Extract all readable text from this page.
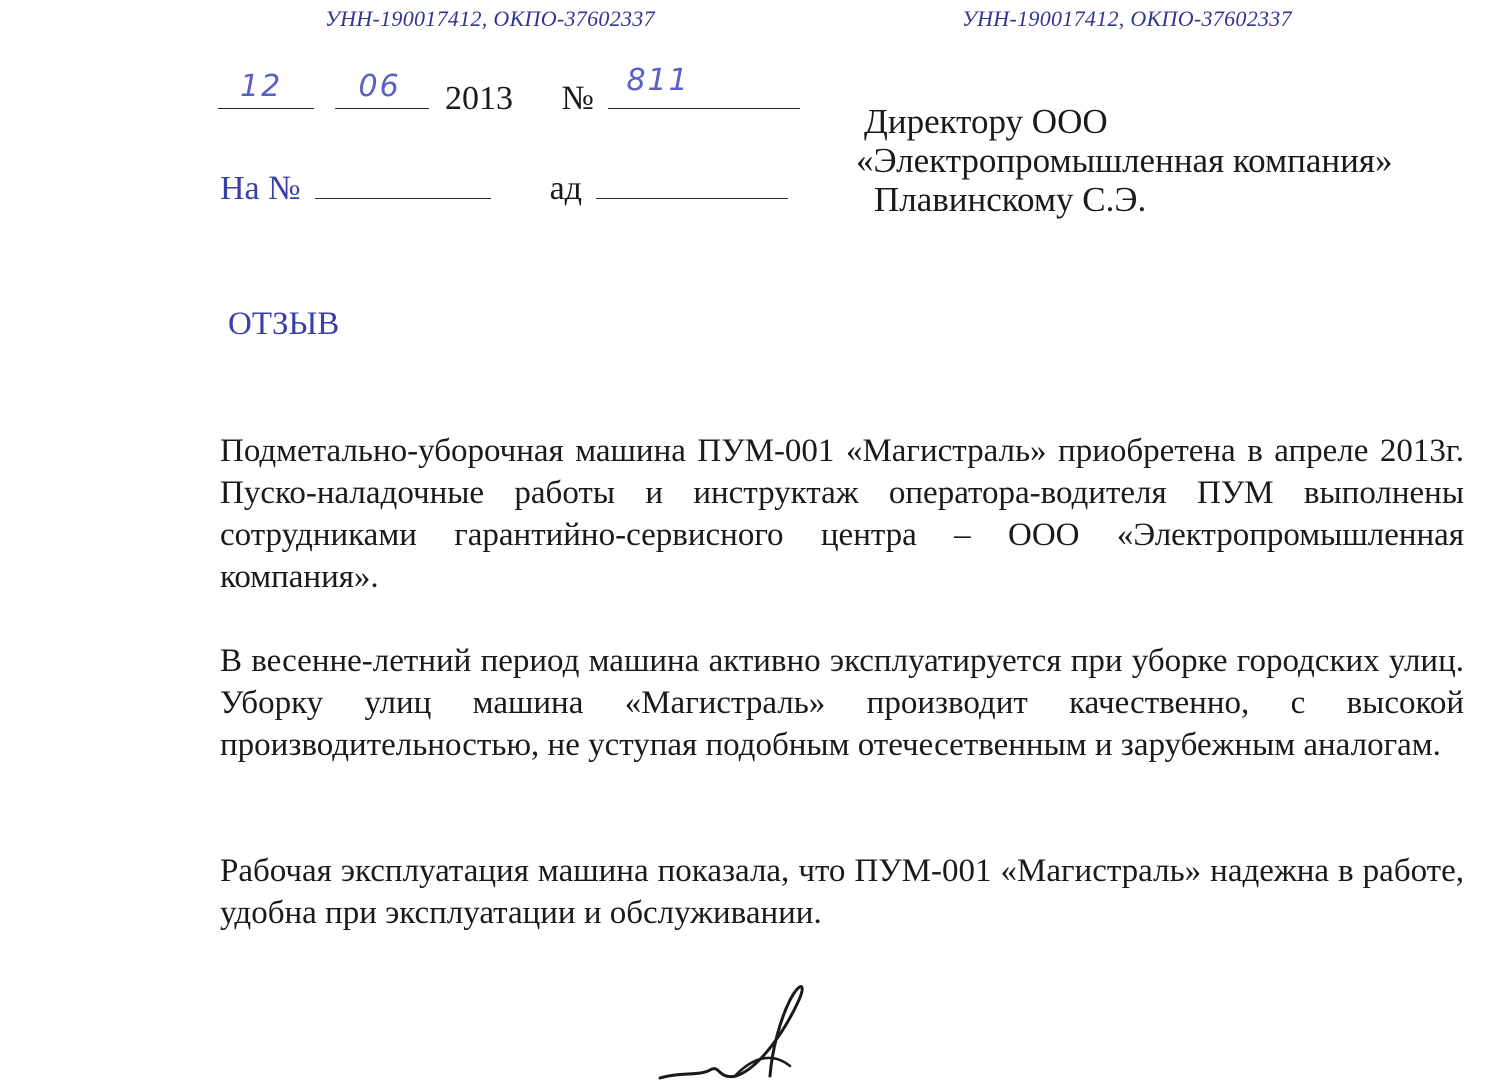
УНН-190017412, ОКПО-37602337	УНН-190017412, ОКПО-37602337
12
	06 2013 № 811
На №	ад
Директору ООО
«Электропромышленная компания»
Плавинскому С.Э.
ОТЗЫВ
Подметально-уборочная машина ПУМ-001 «Магистраль» приобретена в апреле 2013г. Пуско-наладочные работы и инструктаж оператора-водителя ПУМ выполнены сотрудниками гарантийно-сервисного центра – ООО «Электропромышленная компания».
В весенне-летний период машина активно эксплуатируется при уборке городских улиц. Уборку улиц машина «Магистраль» производит качественно, с высокой производительностью, не уступая подобным отечесетвенным и зарубежным аналогам.
Рабочая эксплуатация машина показала, что ПУМ-001 «Магистраль» надежна в работе, удобна при эксплуатации и обслуживании.
